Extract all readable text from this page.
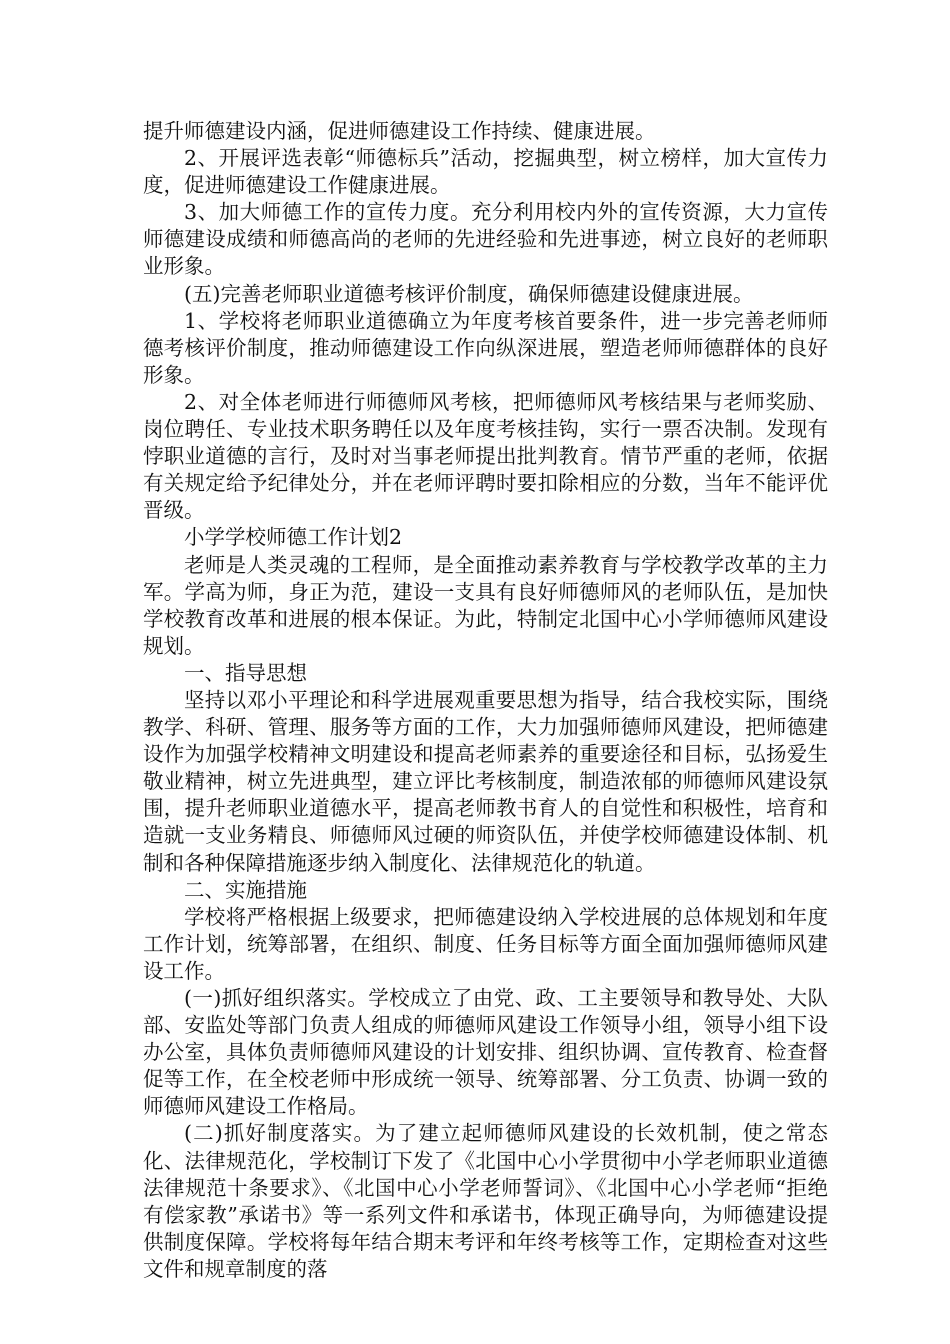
提升师德建设内涵，促进师德建设工作持续、健康进展。

2、开展评选表彰“师德标兵”活动，挖掘典型，树立榜样，加大宣传力度，促进师德建设工作健康进展。

3、加大师德工作的宣传力度。充分利用校内外的宣传资源，大力宣传师德建设成绩和师德高尚的老师的先进经验和先进事迹，树立良好的老师职业形象。

(五)完善老师职业道德考核评价制度，确保师德建设健康进展。

1、学校将老师职业道德确立为年度考核首要条件，进一步完善老师师德考核评价制度，推动师德建设工作向纵深进展，塑造老师师德群体的良好形象。

2、对全体老师进行师德师风考核，把师德师风考核结果与老师奖励、岗位聘任、专业技术职务聘任以及年度考核挂钩，实行一票否决制。发现有悖职业道德的言行，及时对当事老师提出批判教育。情节严重的老师，依据有关规定给予纪律处分，并在老师评聘时要扣除相应的分数，当年不能评优晋级。

小学学校师德工作计划2

老师是人类灵魂的工程师，是全面推动素养教育与学校教学改革的主力军。学高为师，身正为范，建设一支具有良好师德师风的老师队伍，是加快学校教育改革和进展的根本保证。为此，特制定北国中心小学师德师风建设规划。

一、指导思想

坚持以邓小平理论和科学进展观重要思想为指导，结合我校实际，围绕教学、科研、管理、服务等方面的工作，大力加强师德师风建设，把师德建设作为加强学校精神文明建设和提高老师素养的重要途径和目标，弘扬爱生敬业精神，树立先进典型，建立评比考核制度，制造浓郁的师德师风建设氛围，提升老师职业道德水平，提高老师教书育人的自觉性和积极性，培育和造就一支业务精良、师德师风过硬的师资队伍，并使学校师德建设体制、机制和各种保障措施逐步纳入制度化、法律规范化的轨道。

二、实施措施

学校将严格根据上级要求，把师德建设纳入学校进展的总体规划和年度工作计划，统筹部署，在组织、制度、任务目标等方面全面加强师德师风建设工作。

(一)抓好组织落实。学校成立了由党、政、工主要领导和教导处、大队部、安监处等部门负责人组成的师德师风建设工作领导小组，领导小组下设办公室，具体负责师德师风建设的计划安排、组织协调、宣传教育、检查督促等工作，在全校老师中形成统一领导、统筹部署、分工负责、协调一致的师德师风建设工作格局。

(二)抓好制度落实。为了建立起师德师风建设的长效机制，使之常态化、法律规范化，学校制订下发了《北国中心小学贯彻中小学老师职业道德法律规范十条要求》、《北国中心小学老师誓词》、《北国中心小学老师“拒绝有偿家教”承诺书》等一系列文件和承诺书，体现正确导向，为师德建设提供制度保障。学校将每年结合期末考评和年终考核等工作，定期检查对这些文件和规章制度的落
